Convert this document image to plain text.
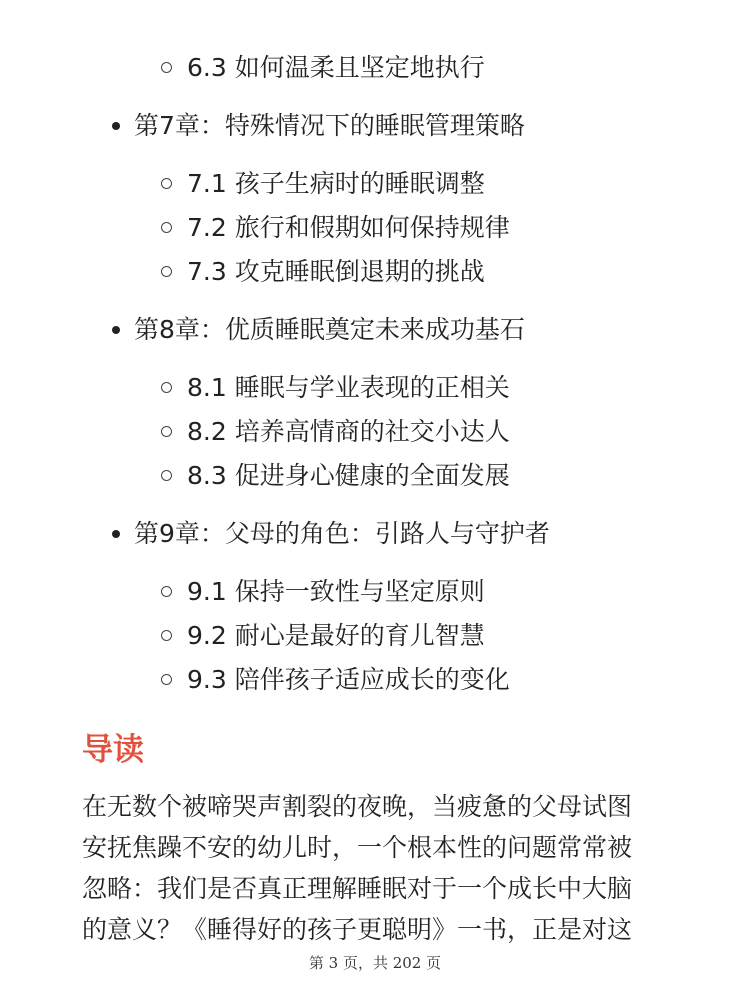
6.3 如何温柔且坚定地执行
第7章：特殊情况下的睡眠管理策略
7.1 孩子生病时的睡眠调整
7.2 旅行和假期如何保持规律
7.3 攻克睡眠倒退期的挑战
第8章：优质睡眠奠定未来成功基石
8.1 睡眠与学业表现的正相关
8.2 培养高情商的社交小达人
8.3 促进身心健康的全面发展
第9章：父母的角色：引路人与守护者
9.1 保持一致性与坚定原则
9.2 耐心是最好的育儿智慧
9.3 陪伴孩子适应成长的变化
导读

在无数个被啼哭声割裂的夜晚，当疲惫的父母试图
安抚焦躁不安的幼儿时，一个根本性的问题常常被
忽略：我们是否真正理解睡眠对于一个成长中大脑
的意义？《睡得好的孩子更聪明》一书，正是对这

第 3 页，共 202 页
